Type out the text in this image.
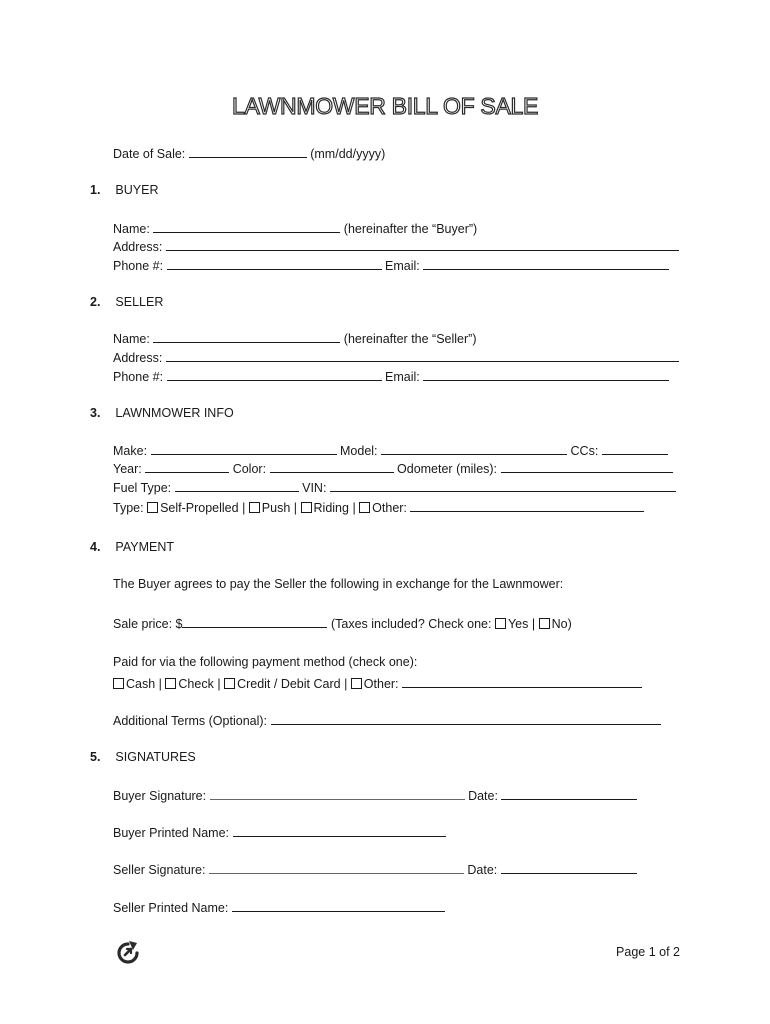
LAWNMOWER BILL OF SALE
Date of Sale:	(mm/dd/yyyy)
1. BUYER
Name:	(hereinafter the “Buyer”)
Address:
Phone #:	Email:
2. SELLER
Name:	(hereinafter the “Seller”)
Address:
Phone #:	Email:
3. LAWNMOWER INFO
Make:	Model:	CCs:
Year:	Color:	Odometer (miles):
Fuel Type:	VIN:
Type: Self-Propelled | Push | Riding | Other:
4. PAYMENT
The Buyer agrees to pay the Seller the following in exchange for the Lawnmower:
Sale price: $	(Taxes included? Check one: Yes | No)
Paid for via the following payment method (check one):
Cash | Check | Credit / Debit Card | Other:
Additional Terms (Optional):
5. SIGNATURES
Buyer Signature:	Date:
Buyer Printed Name:
Seller Signature:	Date:
Seller Printed Name:
Page 1 of 2
